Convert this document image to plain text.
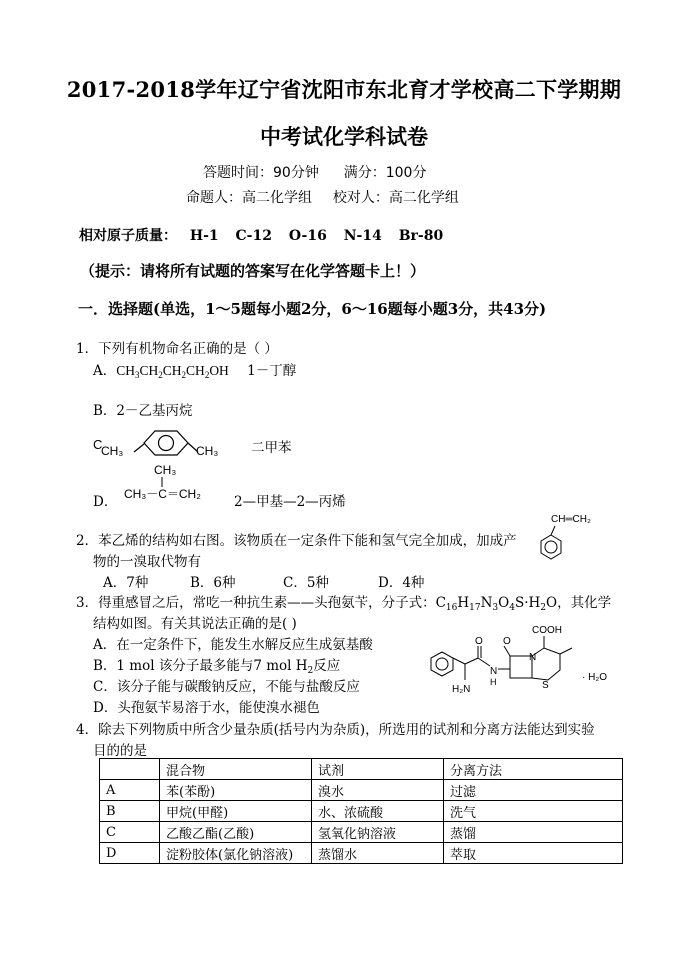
2017-2018学年辽宁省沈阳市东北育才学校高二下学期期
中考试化学科试卷
答题时间：90分钟 满分：100分
命题人：高二化学组 校对人：高二化学组
相对原子质量： H-1 C-12 O-16 N-14 Br-80
（提示：请将所有试题的答案写在化学答题卡上！）
一．选择题(单选，1～5题每小题2分，6～16题每小题3分，共43分)
1．下列有机物命名正确的是（ ）
A．$CH_3CH_2CH_2CH_2OH$ 1－丁醇
B．2－乙基丙烷
C
CH₃	CH₃ 二甲苯
D．
CH₃
CH₃－C＝CH₂ 2—甲基—2—丙烯
2．苯乙烯的结构如右图。该物质在一定条件下能和氢气完全加成，加成产
物的一溴取代物有
A．7种	B．6种	C．5种	D．4种
CH═CH₂
3．得重感冒之后，常吃一种抗生素——头孢氨苄，分子式：$C_{16}H_{17}N_3O_4S\cdot H_2O$，其化学
结构如图。有关其说法正确的是( )
A．在一定条件下，能发生水解反应生成氨基酸
B．1 mol 该分子最多能与7 mol $H_2$反应
C．该分子能与碳酸钠反应，不能与盐酸反应
D．头孢氨苄易溶于水，能使溴水褪色
H₂N
O
N
H
O
N
S
COOH
· H₂O
4．除去下列物质中所含少量杂质(括号内为杂质)，所选用的试剂和分离方法能达到实验
目的的是
	混合物	试剂	分离方法
A	苯(苯酚)	溴水	过滤
B	甲烷(甲醛)	水、浓硫酸	洗气
C	乙酸乙酯(乙酸)	氢氧化钠溶液	蒸馏
D	淀粉胶体(氯化钠溶液)	蒸馏水	萃取
